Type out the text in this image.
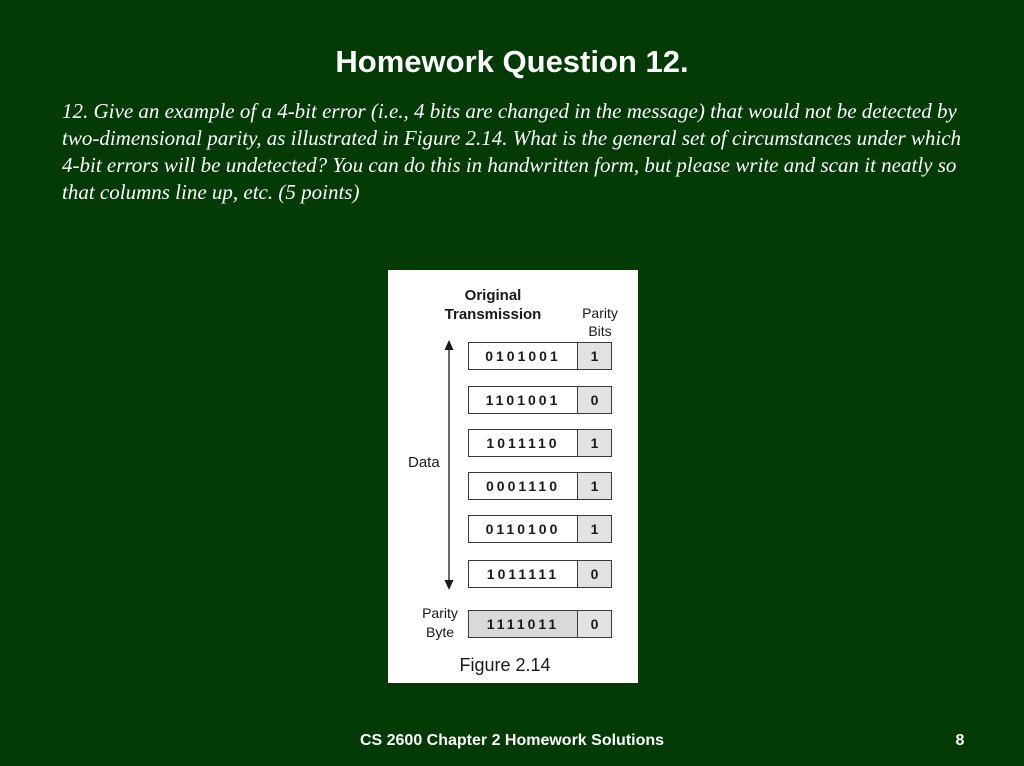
Homework Question 12.
12. Give an example of a 4-bit error (i.e., 4 bits are changed in the message) that would not be detected by two-dimensional parity, as illustrated in Figure 2.14. What is the general set of circumstances under which 4-bit errors will be undetected? You can do this in handwritten form, but please write and scan it neatly so that columns line up, etc. (5 points)
Original
Transmission	Parity
Bits
Data
0101001	1
1101001	0
1011110	1
0001110	1
0110100	1
1011111	0
Parity
Byte	1111011	0
Figure 2.14
CS 2600 Chapter 2 Homework Solutions	8
